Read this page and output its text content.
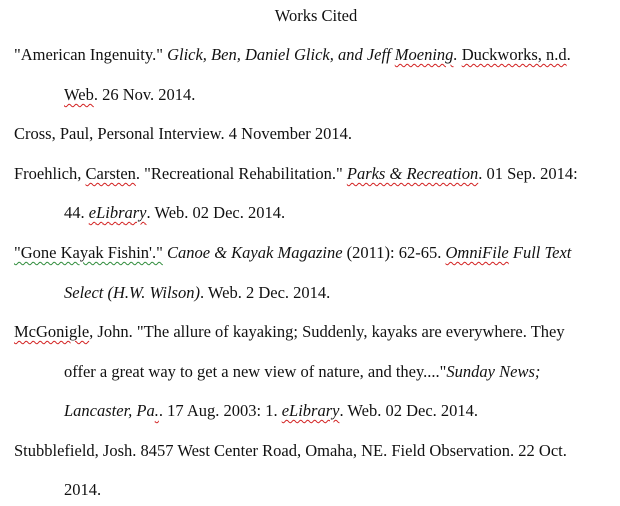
Works Cited
"American Ingenuity." Glick, Ben, Daniel Glick, and Jeff Moening. Duckworks, n.d.
Web. 26 Nov. 2014.
Cross, Paul, Personal Interview. 4 November 2014.
Froehlich, Carsten. "Recreational Rehabilitation." Parks & Recreation. 01 Sep. 2014:
44. eLibrary. Web. 02 Dec. 2014.
"Gone Kayak Fishin'." Canoe & Kayak Magazine (2011): 62-65. OmniFile Full Text
Select (H.W. Wilson). Web. 2 Dec. 2014.
McGonigle, John. "The allure of kayaking; Suddenly, kayaks are everywhere. They
offer a great way to get a new view of nature, and they...."Sunday News;
Lancaster, Pa.. 17 Aug. 2003: 1. eLibrary. Web. 02 Dec. 2014.
Stubblefield, Josh. 8457 West Center Road, Omaha, NE. Field Observation. 22 Oct.
2014.
